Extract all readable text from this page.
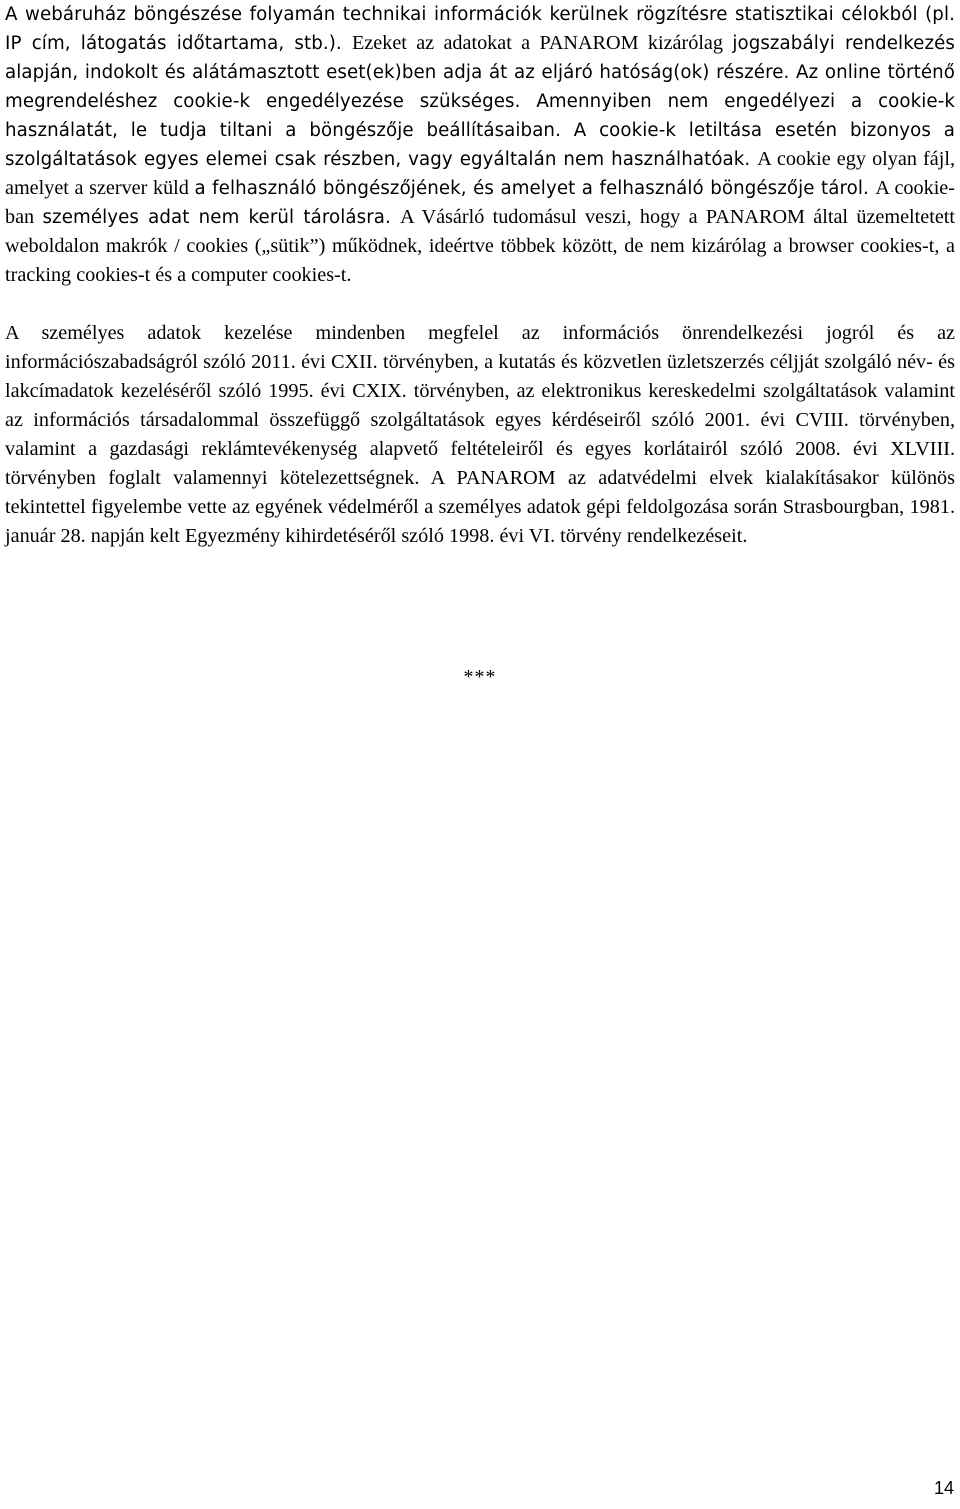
A webáruház böngészése folyamán technikai információk kerülnek rögzítésre statisztikai célokból (pl. IP cím, látogatás időtartama, stb.). Ezeket az adatokat a PANAROM kizárólag jogszabályi rendelkezés alapján, indokolt és alátámasztott eset(ek)ben adja át az eljáró hatóság(ok) részére. Az online történő megrendeléshez cookie-k engedélyezése szükséges. Amennyiben nem engedélyezi a cookie-k használatát, le tudja tiltani a böngészője beállításaiban. A cookie-k letiltása esetén bizonyos a szolgáltatások egyes elemei csak részben, vagy egyáltalán nem használhatóak. A cookie egy olyan fájl, amelyet a szerver küld a felhasználó böngészőjének, és amelyet a felhasználó böngészője tárol. A cookie-ban személyes adat nem kerül tárolásra. A Vásárló tudomásul veszi, hogy a PANAROM által üzemeltetett weboldalon makrók / cookies („sütik”) működnek, ideértve többek között, de nem kizárólag a browser cookies-t, a tracking cookies-t és a computer cookies-t.

A személyes adatok kezelése mindenben megfelel az információs önrendelkezési jogról és az információszabadságról szóló 2011. évi CXII. törvényben, a kutatás és közvetlen üzletszerzés céljját szolgáló név- és lakcímadatok kezeléséről szóló 1995. évi CXIX. törvényben, az elektronikus kereskedelmi szolgáltatások valamint az információs társadalommal összefüggő szolgáltatások egyes kérdéseiről szóló 2001. évi CVIII. törvényben, valamint a gazdasági reklámtevékenység alapvető feltételeiről és egyes korlátairól szóló 2008. évi XLVIII. törvényben foglalt valamennyi kötelezettségnek. A PANAROM az adatvédelmi elvek kialakításakor különös tekintettel figyelembe vette az egyének védelméről a személyes adatok gépi feldolgozása során Strasbourgban, 1981. január 28. napján kelt Egyezmény kihirdetéséről szóló 1998. évi VI. törvény rendelkezéseit.

***
14
